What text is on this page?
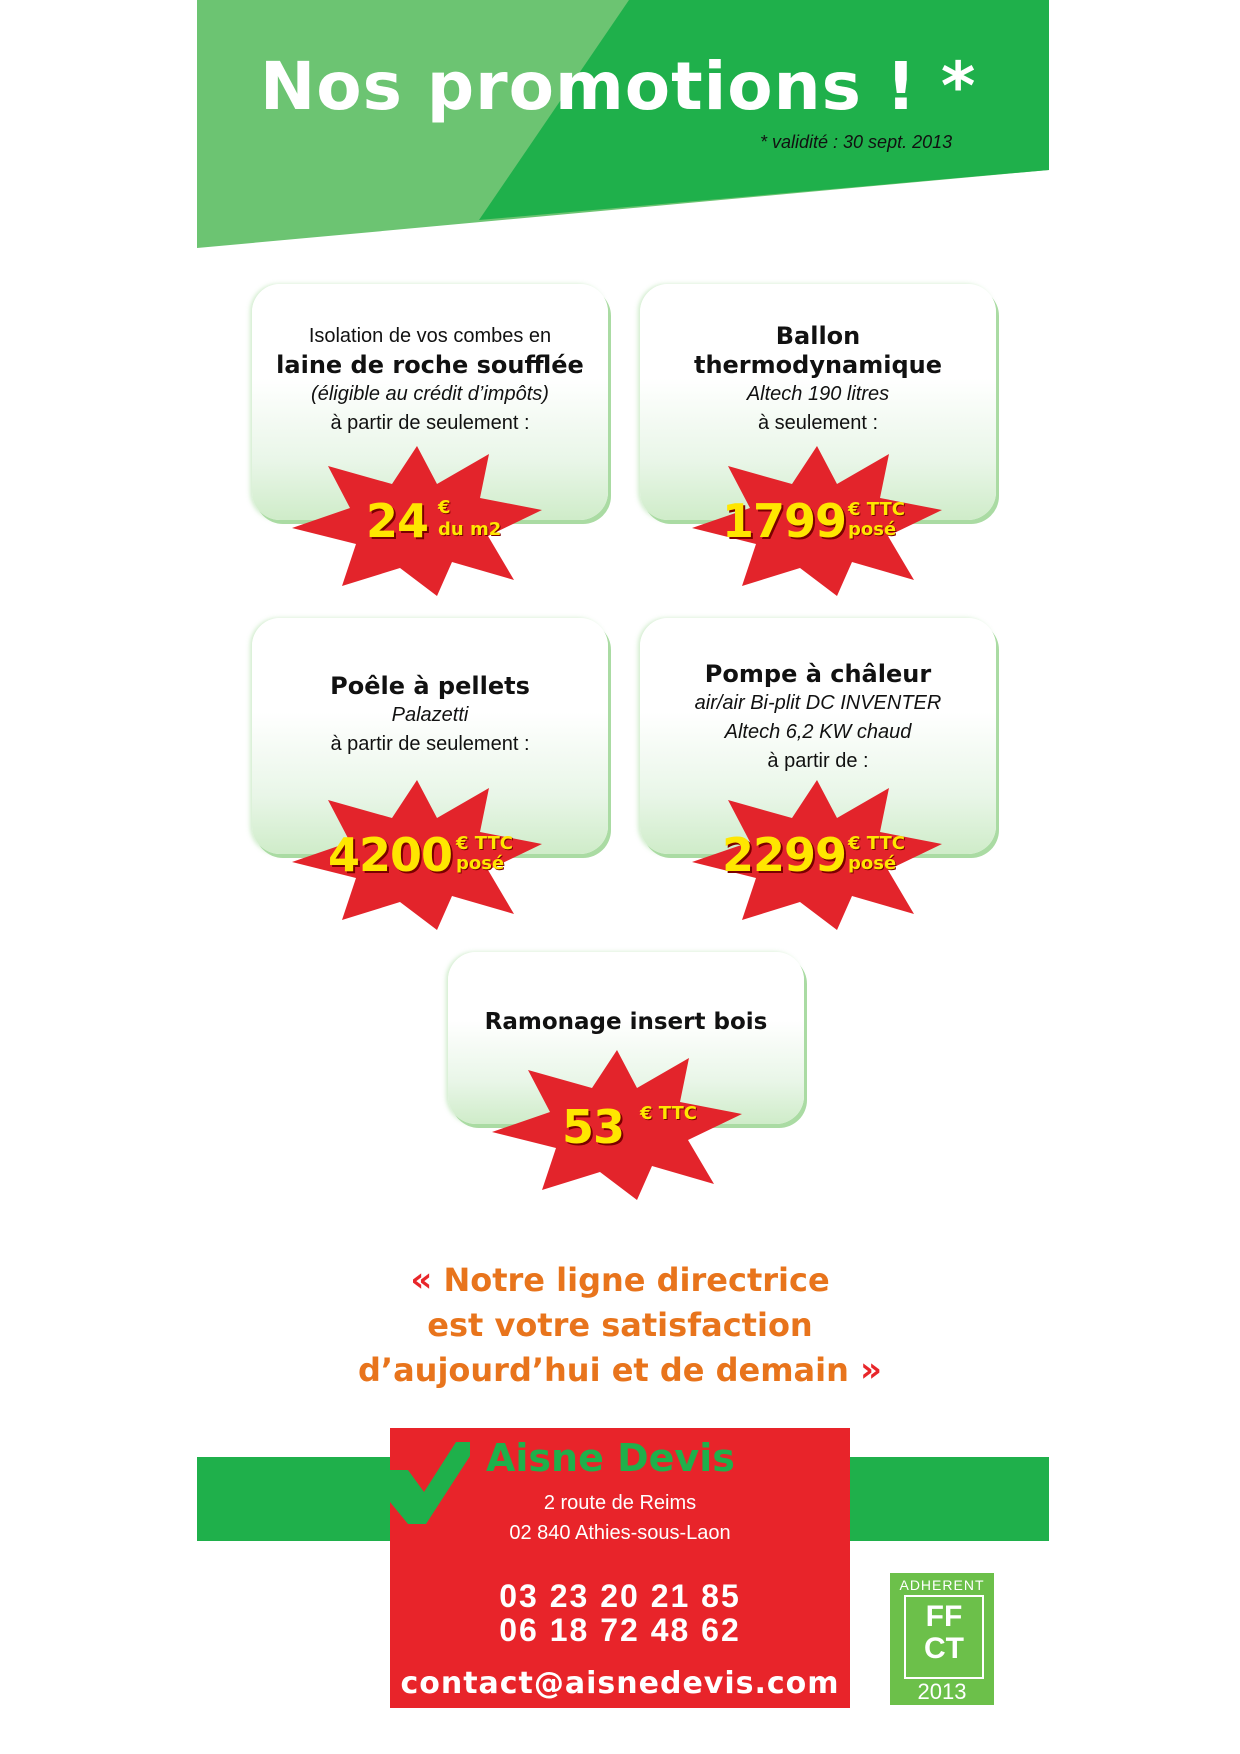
Nos promotions ! *
* validité : 30 sept. 2013
Isolation de vos combes en
laine de roche soufflée
(éligible au crédit d’impôts)
à partir de seulement :
24 €
du m2
Ballon
thermodynamique
Altech 190 litres
à seulement :
1799 € TTC
posé
Poêle à pellets
Palazetti
à partir de seulement :
4200 € TTC
posé
Pompe à châleur
air/air Bi-plit DC INVENTER
Altech 6,2 KW chaud
à partir de :
2299 € TTC
posé
Ramonage insert bois
53 € TTC
« Notre ligne directrice
est votre satisfaction
d’aujourd’hui et de demain »
Aisne Devis
2 route de Reims
02 840 Athies-sous-Laon
03 23 20 21 85
06 18 72 48 62
contact@aisnedevis.com
ADHERENT
FF
CT
2013
